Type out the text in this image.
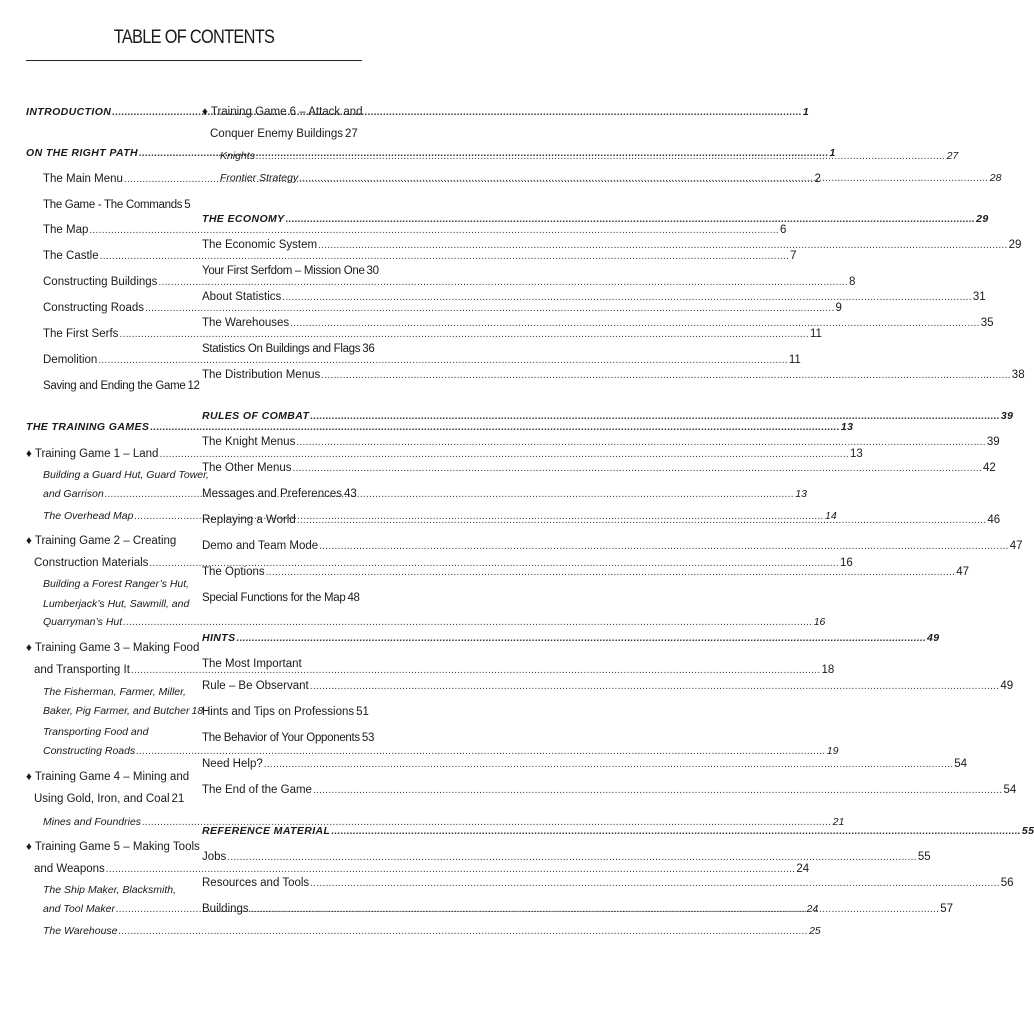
TABLE OF CONTENTS
INTRODUCTION .....	1
ON THE RIGHT PATH .....	1
The Main Menu .....	2
The Game - The Commands 5
The Map .....	6
The Castle .....	7
Constructing Buildings .....	8
Constructing Roads .....	9
The First Serfs .....	11
Demolition .....	11
Saving and Ending the Game 12
THE TRAINING GAMES .....	13
♦ Training Game 1 – Land .....	13
Building a Guard Hut, Guard Tower,
and Garrison .....	13
The Overhead Map .....	14
♦ Training Game 2 – Creating
Construction Materials .....	16
Building a Forest Ranger’s Hut,
Lumberjack’s Hut, Sawmill, and
Quarryman’s Hut .....	16
♦ Training Game 3 – Making Food
and Transporting It .....	18
The Fisherman, Farmer, Miller,
Baker, Pig Farmer, and Butcher 18
Transporting Food and
Constructing Roads .....	19
♦ Training Game 4 – Mining and
Using Gold, Iron, and Coal 21
Mines and Foundries .....	21
♦ Training Game 5 – Making Tools
and Weapons .....	24
The Ship Maker, Blacksmith,
and Tool Maker .....	24
The Warehouse .....	25
♦ Training Game 6 – Attack and
Conquer Enemy Buildings 27
Knights .....	27
Frontier Strategy .....	28
THE ECONOMY .....	29
The Economic System .....	29
Your First Serfdom – Mission One 30
About Statistics .....	31
The Warehouses .....	35
Statistics On Buildings and Flags 36
The Distribution Menus .....	38
RULES OF COMBAT .....	39
The Knight Menus .....	39
The Other Menus .....	42
Messages and Preferences 43
Replaying a World .....	46
Demo and Team Mode .....	47
The Options .....	47
Special Functions for the Map 48
HINTS .....	49
The Most Important
Rule – Be Observant .....	49
Hints and Tips on Professions 51
The Behavior of Your Opponents 53
Need Help? .....	54
The End of the Game .....	54
REFERENCE MATERIAL .....	55
Jobs .....	55
Resources and Tools .....	56
Buildings .....	57
